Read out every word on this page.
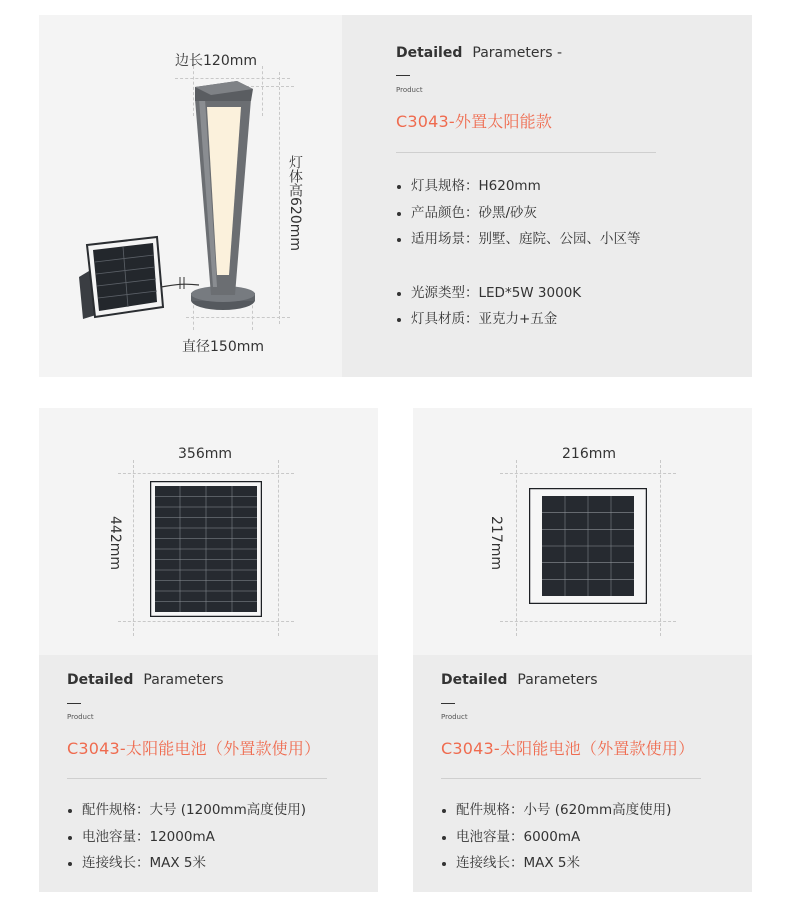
边长120mm
灯体高620mm
直径150mm
Detailed Parameters -
Product
C3043-外置太阳能款
灯具规格：H620mm
产品颜色：砂黑/砂灰
适用场景：别墅、庭院、公园、小区等
光源类型：LED*5W 3000K
灯具材质：亚克力+五金
356mm
442mm
Detailed Parameters
Product
C3043-太阳能电池（外置款使用）
配件规格：大号 (1200mm高度使用)
电池容量：12000mA
连接线长：MAX 5米
216mm
217mm
Detailed Parameters
Product
C3043-太阳能电池（外置款使用）
配件规格：小号 (620mm高度使用)
电池容量：6000mA
连接线长：MAX 5米
